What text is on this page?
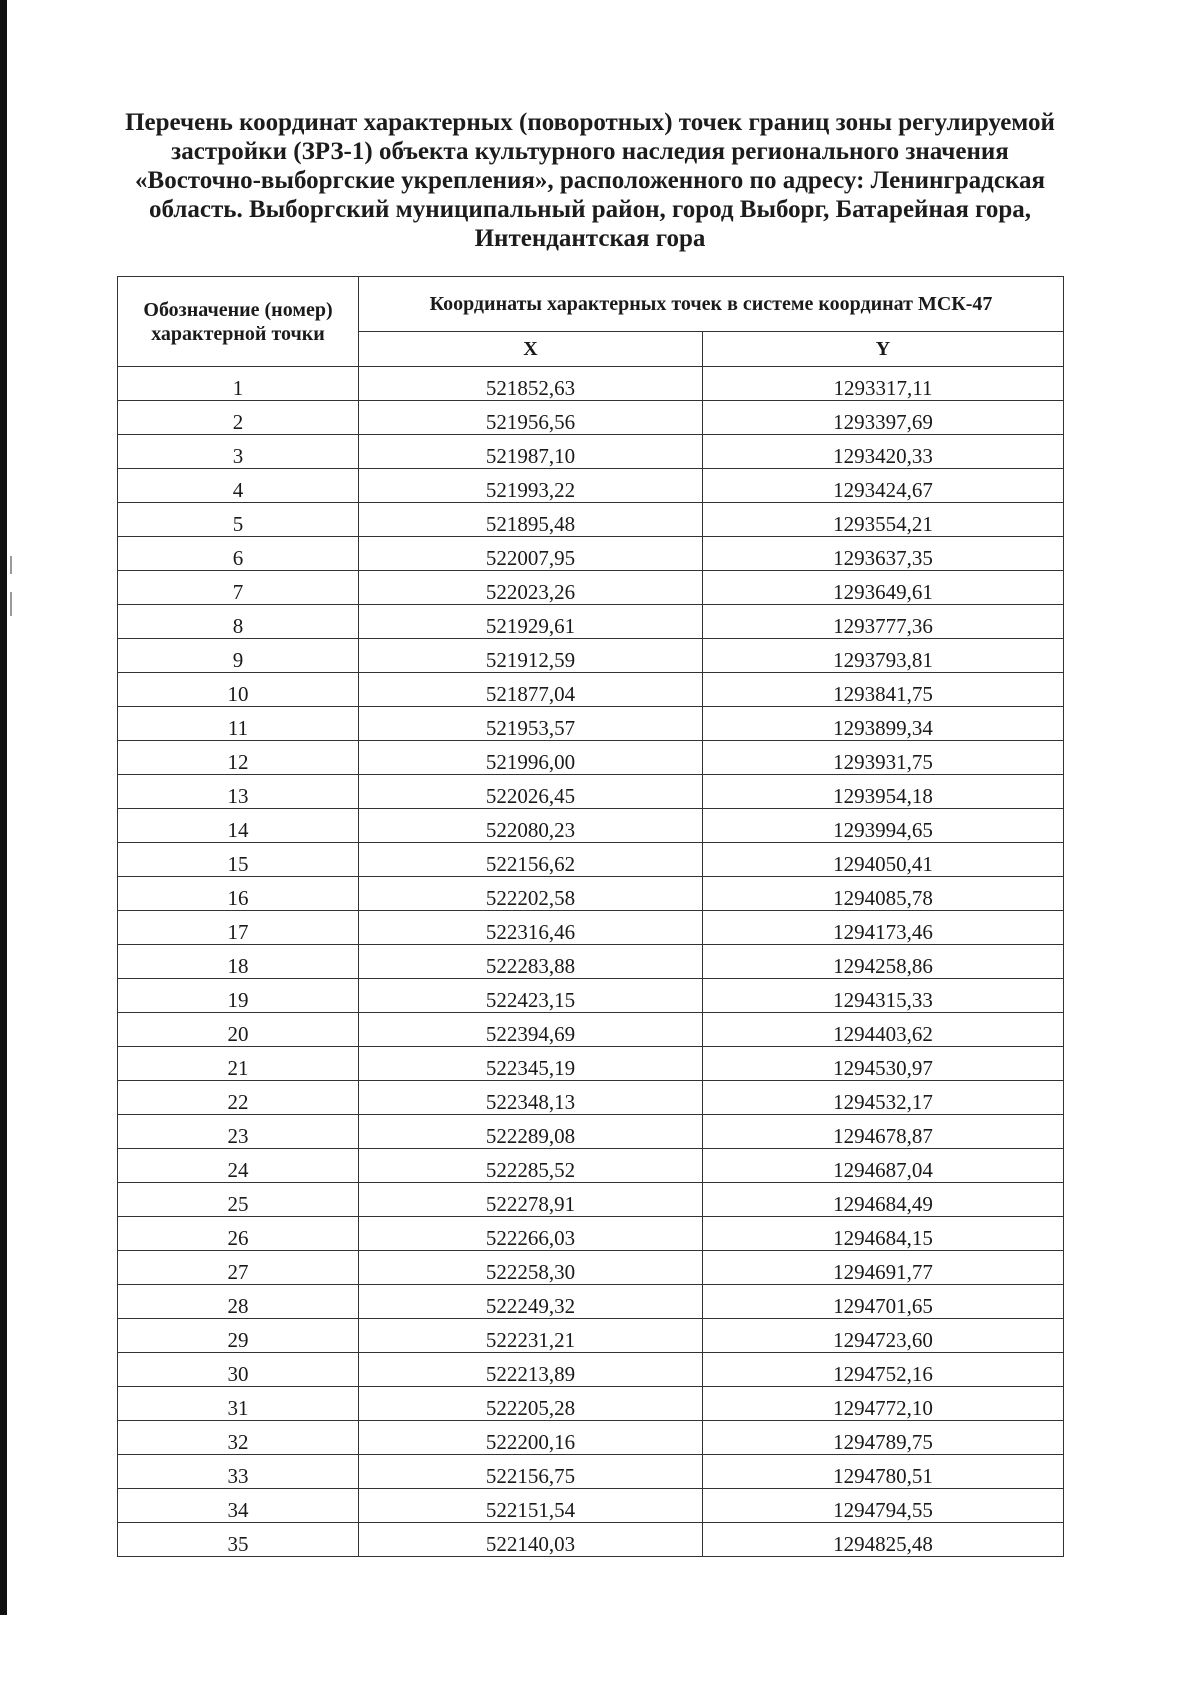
Перечень координат характерных (поворотных) точек границ зоны регулируемой застройки (ЗРЗ-1) объекта культурного наследия регионального значения «Восточно-выборгские укрепления», расположенного по адресу: Ленинградская область. Выборгский муниципальный район, город Выборг, Батарейная гора, Интендантская гора
Обозначение (номер) характерной точки	Координаты характерных точек в системе координат МСК-47	
	X	Y
1	521852,63	1293317,11
2	521956,56	1293397,69
3	521987,10	1293420,33
4	521993,22	1293424,67
5	521895,48	1293554,21
6	522007,95	1293637,35
7	522023,26	1293649,61
8	521929,61	1293777,36
9	521912,59	1293793,81
10	521877,04	1293841,75
11	521953,57	1293899,34
12	521996,00	1293931,75
13	522026,45	1293954,18
14	522080,23	1293994,65
15	522156,62	1294050,41
16	522202,58	1294085,78
17	522316,46	1294173,46
18	522283,88	1294258,86
19	522423,15	1294315,33
20	522394,69	1294403,62
21	522345,19	1294530,97
22	522348,13	1294532,17
23	522289,08	1294678,87
24	522285,52	1294687,04
25	522278,91	1294684,49
26	522266,03	1294684,15
27	522258,30	1294691,77
28	522249,32	1294701,65
29	522231,21	1294723,60
30	522213,89	1294752,16
31	522205,28	1294772,10
32	522200,16	1294789,75
33	522156,75	1294780,51
34	522151,54	1294794,55
35	522140,03	1294825,48
